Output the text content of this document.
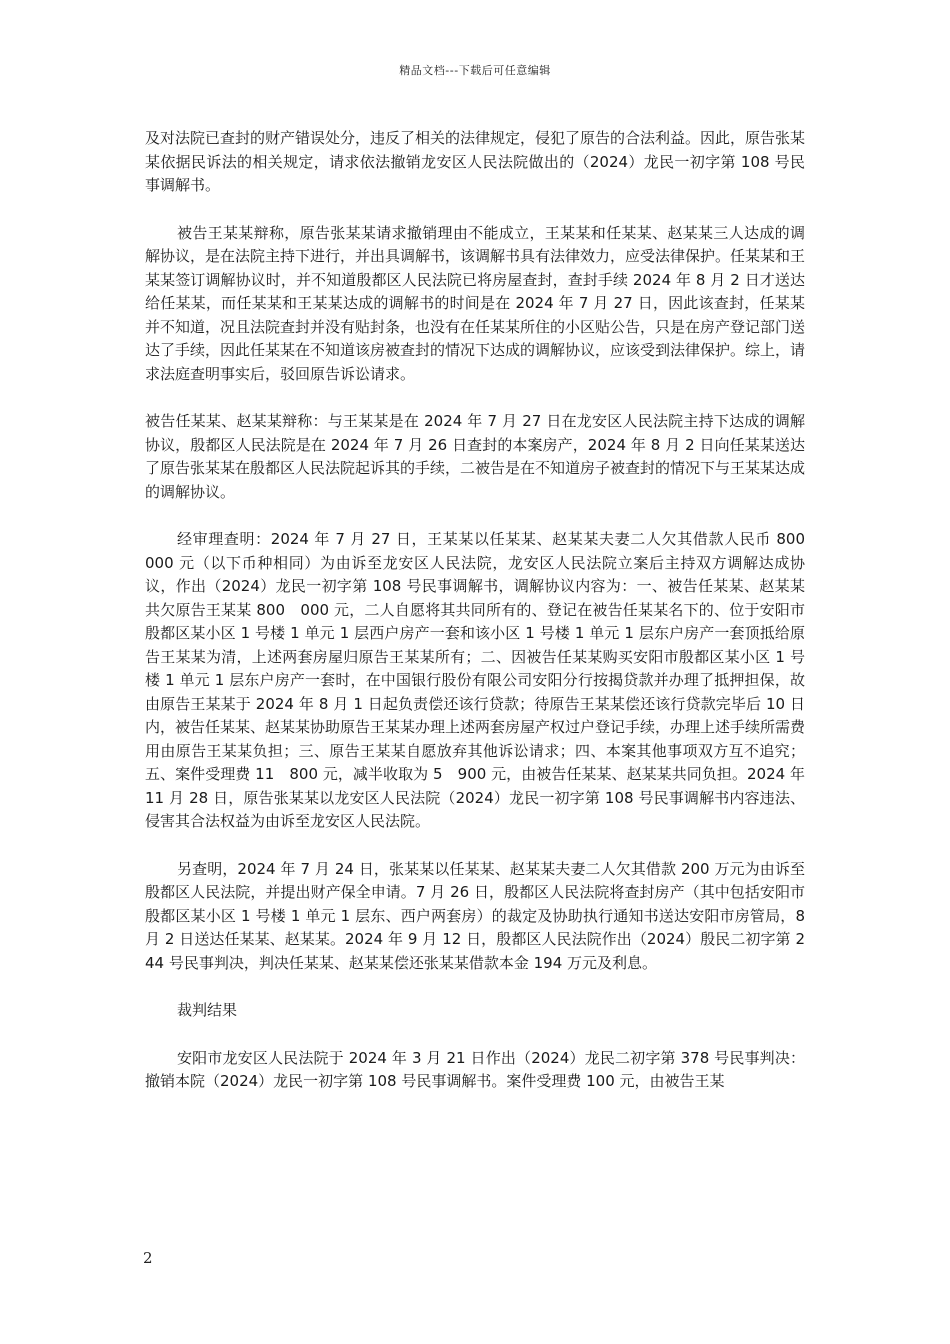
精品文档---下载后可任意编辑

及对法院已查封的财产错误处分，违反了相关的法律规定，侵犯了原告的合法利益。因此，原告张某某依据民诉法的相关规定，请求依法撤销龙安区人民法院做出的（2024）龙民一初字第 108 号民事调解书。

被告王某某辩称，原告张某某请求撤销理由不能成立，王某某和任某某、赵某某三人达成的调解协议，是在法院主持下进行，并出具调解书，该调解书具有法律效力，应受法律保护。任某某和王某某签订调解协议时，并不知道殷都区人民法院已将房屋查封，查封手续 2024 年 8 月 2 日才送达给任某某，而任某某和王某某达成的调解书的时间是在 2024 年 7 月 27 日，因此该查封，任某某并不知道，况且法院查封并没有贴封条，也没有在任某某所住的小区贴公告，只是在房产登记部门送达了手续，因此任某某在不知道该房被查封的情况下达成的调解协议，应该受到法律保护。综上，请求法庭查明事实后，驳回原告诉讼请求。

被告任某某、赵某某辩称：与王某某是在 2024 年 7 月 27 日在龙安区人民法院主持下达成的调解协议，殷都区人民法院是在 2024 年 7 月 26 日查封的本案房产，2024 年 8 月 2 日向任某某送达了原告张某某在殷都区人民法院起诉其的手续，二被告是在不知道房子被查封的情况下与王某某达成的调解协议。

经审理查明：2024 年 7 月 27 日，王某某以任某某、赵某某夫妻二人欠其借款人民币 800　000 元（以下币种相同）为由诉至龙安区人民法院，龙安区人民法院立案后主持双方调解达成协议，作出（2024）龙民一初字第 108 号民事调解书，调解协议内容为：一、被告任某某、赵某某共欠原告王某某 800　000 元，二人自愿将其共同所有的、登记在被告任某某名下的、位于安阳市殷都区某小区 1 号楼 1 单元 1 层西户房产一套和该小区 1 号楼 1 单元 1 层东户房产一套顶抵给原告王某某为清，上述两套房屋归原告王某某所有；二、因被告任某某购买安阳市殷都区某小区 1 号楼 1 单元 1 层东户房产一套时，在中国银行股份有限公司安阳分行按揭贷款并办理了抵押担保，故由原告王某某于 2024 年 8 月 1 日起负责偿还该行贷款；待原告王某某偿还该行贷款完毕后 10 日内，被告任某某、赵某某协助原告王某某办理上述两套房屋产权过户登记手续，办理上述手续所需费用由原告王某某负担；三、原告王某某自愿放弃其他诉讼请求；四、本案其他事项双方互不追究；五、案件受理费 11　800 元，减半收取为 5　900 元，由被告任某某、赵某某共同负担。2024 年 11 月 28 日，原告张某某以龙安区人民法院（2024）龙民一初字第 108 号民事调解书内容违法、侵害其合法权益为由诉至龙安区人民法院。

另查明，2024 年 7 月 24 日，张某某以任某某、赵某某夫妻二人欠其借款 200 万元为由诉至殷都区人民法院，并提出财产保全申请。7 月 26 日，殷都区人民法院将查封房产（其中包括安阳市殷都区某小区 1 号楼 1 单元 1 层东、西户两套房）的裁定及协助执行通知书送达安阳市房管局，8 月 2 日送达任某某、赵某某。2024 年 9 月 12 日，殷都区人民法院作出（2024）殷民二初字第 244 号民事判决，判决任某某、赵某某偿还张某某借款本金 194 万元及利息。

裁判结果

安阳市龙安区人民法院于 2024 年 3 月 21 日作出（2024）龙民二初字第 378 号民事判决：撤销本院（2024）龙民一初字第 108 号民事调解书。案件受理费 100 元，由被告王某

2
